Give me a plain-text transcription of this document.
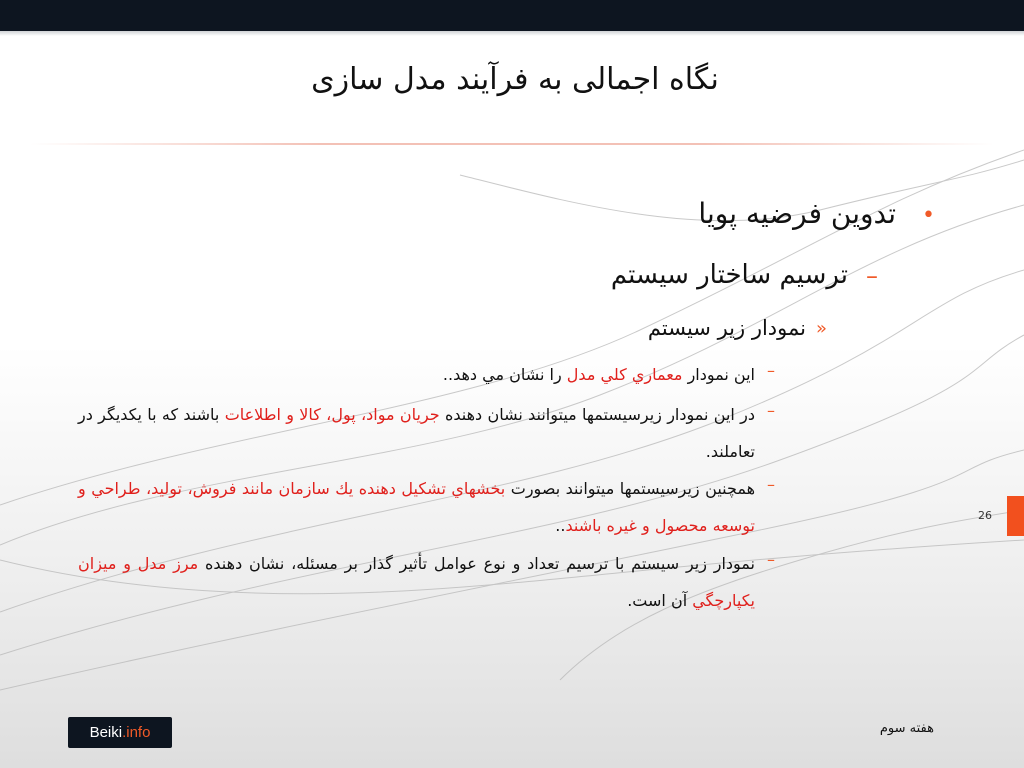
نگاه اجمالی به فرآیند مدل سازی
•
تدوین فرضیه پویا
–
ترسیم ساختار سیستم
»
نمودار زیر سیستم
–
این نمودار معماري كلي مدل را نشان مي دهد..
–
در این نمودار زیرسیستمها میتوانند نشان دهنده جریان مواد، پول، کالا و اطلاعات باشند که با یکدیگر در تعاملند.
–
همچنین زیرسیستمها میتوانند بصورت بخشهاي تشكيل دهنده يك سازمان مانند فروش، تولید، طراحي و توسعه محصول و غیره باشند..
–
نمودار زیر سیستم با ترسیم تعداد و نوع عوامل تأثیر گذار بر مسئله، نشان دهنده مرز مدل و میزان یکپارچگي آن است.
26
Beiki .info	هفته سوم
